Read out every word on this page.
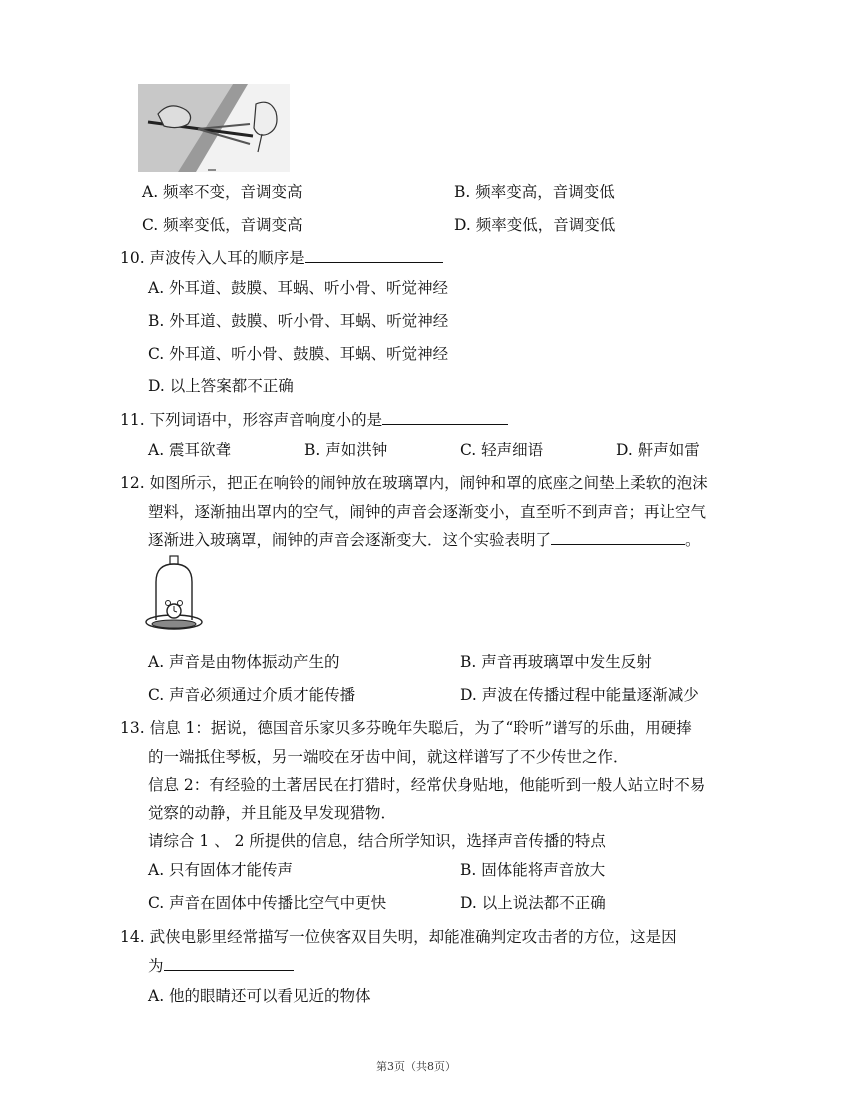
A. 频率不变，音调变高	B. 频率变高，音调变低
C. 频率变低，音调变高	D. 频率变低，音调变低
10. 声波传入人耳的顺序是
A. 外耳道、鼓膜、耳蜗、听小骨、听觉神经
B. 外耳道、鼓膜、听小骨、耳蜗、听觉神经
C. 外耳道、听小骨、鼓膜、耳蜗、听觉神经
D. 以上答案都不正确
11. 下列词语中，形容声音响度小的是
A. 震耳欲聋	B. 声如洪钟	C. 轻声细语	D. 鼾声如雷
12. 如图所示，把正在响铃的闹钟放在玻璃罩内，闹钟和罩的底座之间垫上柔软的泡沫
塑料，逐渐抽出罩内的空气，闹钟的声音会逐渐变小，直至听不到声音；再让空气
逐渐进入玻璃罩，闹钟的声音会逐渐变大．这个实验表明了	。
A. 声音是由物体振动产生的	B. 声音再玻璃罩中发生反射
C. 声音必须通过介质才能传播	D. 声波在传播过程中能量逐渐减少
13. 信息 1：据说，德国音乐家贝多芬晚年失聪后，为了“聆听”谱写的乐曲，用硬捧
的一端抵住琴板，另一端咬在牙齿中间，就这样谱写了不少传世之作．
信息 2：有经验的土著居民在打猎时，经常伏身贴地，他能听到一般人站立时不易
觉察的动静，并且能及早发现猎物．
请综合 1 、 2 所提供的信息，结合所学知识，选择声音传播的特点
A. 只有固体才能传声	B. 固体能将声音放大
C. 声音在固体中传播比空气中更快	D. 以上说法都不正确
14. 武侠电影里经常描写一位侠客双目失明，却能准确判定攻击者的方位，这是因
为
A. 他的眼睛还可以看见近的物体
第3页（共8页）
